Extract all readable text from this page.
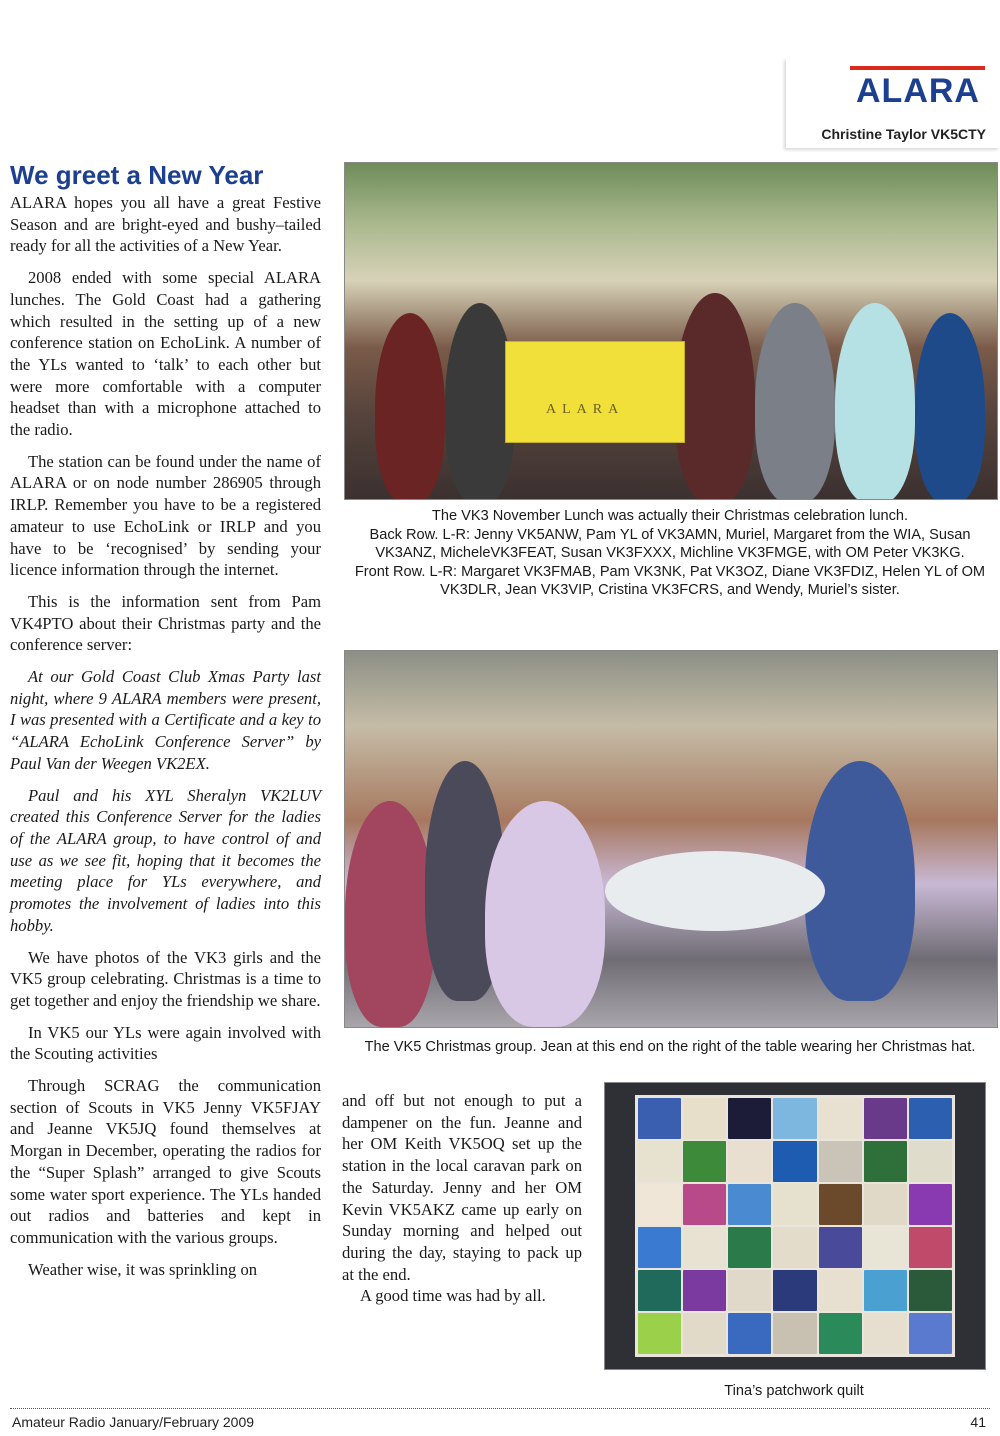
ALARA
Christine Taylor VK5CTY
We greet a New Year

ALARA hopes you all have a great Festive Season and are bright-eyed and bushy–tailed ready for all the activities of a New Year.

2008 ended with some special ALARA lunches. The Gold Coast had a gathering which resulted in the setting up of a new conference station on EchoLink. A number of the YLs wanted to ‘talk’ to each other but were more comfortable with a computer headset than with a microphone attached to the radio.

The station can be found under the name of ALARA or on node number 286905 through IRLP. Remember you have to be a registered amateur to use EchoLink or IRLP and you have to be ‘recognised’ by sending your licence information through the internet.

This is the information sent from Pam VK4PTO about their Christmas party and the conference server:

At our Gold Coast Club Xmas Party last night, where 9 ALARA members were present, I was presented with a Certificate and a key to “ALARA EchoLink Conference Server” by Paul Van der Weegen VK2EX.

Paul and his XYL Sheralyn VK2LUV created this Conference Server for the ladies of the ALARA group, to have control of and use as we see fit, hoping that it becomes the meeting place for YLs everywhere, and promotes the involvement of ladies into this hobby.

We have photos of the VK3 girls and the VK5 group celebrating. Christmas is a time to get together and enjoy the friendship we share.

In VK5 our YLs were again involved with the Scouting activities

Through SCRAG the communication section of Scouts in VK5 Jenny VK5FJAY and Jeanne VK5JQ found themselves at Morgan in December, operating the radios for the “Super Splash” arranged to give Scouts some water sport experience. The YLs handed out radios and batteries and kept in communication with the various groups.

Weather wise, it was sprinkling on

ALARA
The VK3 November Lunch was actually their Christmas celebration lunch.
Back Row. L-R: Jenny VK5ANW, Pam YL of VK3AMN, Muriel, Margaret from the WIA, Susan VK3ANZ, MicheleVK3FEAT, Susan VK3FXXX, Michline VK3FMGE, with OM Peter VK3KG.
Front Row. L-R: Margaret VK3FMAB, Pam VK3NK, Pat VK3OZ, Diane VK3FDIZ, Helen YL of OM VK3DLR, Jean VK3VIP, Cristina VK3FCRS, and Wendy, Muriel’s sister.
The VK5 Christmas group. Jean at this end on the right of the table wearing her Christmas hat.

and off but not enough to put a dampener on the fun. Jeanne and her OM Keith VK5OQ set up the station in the local caravan park on the Saturday. Jenny and her OM Kevin VK5AKZ came up early on Sunday morning and helped out during the day, staying to pack up at the end.

A good time was had by all.

Tina’s patchwork quilt
Amateur Radio January/February 2009	41
